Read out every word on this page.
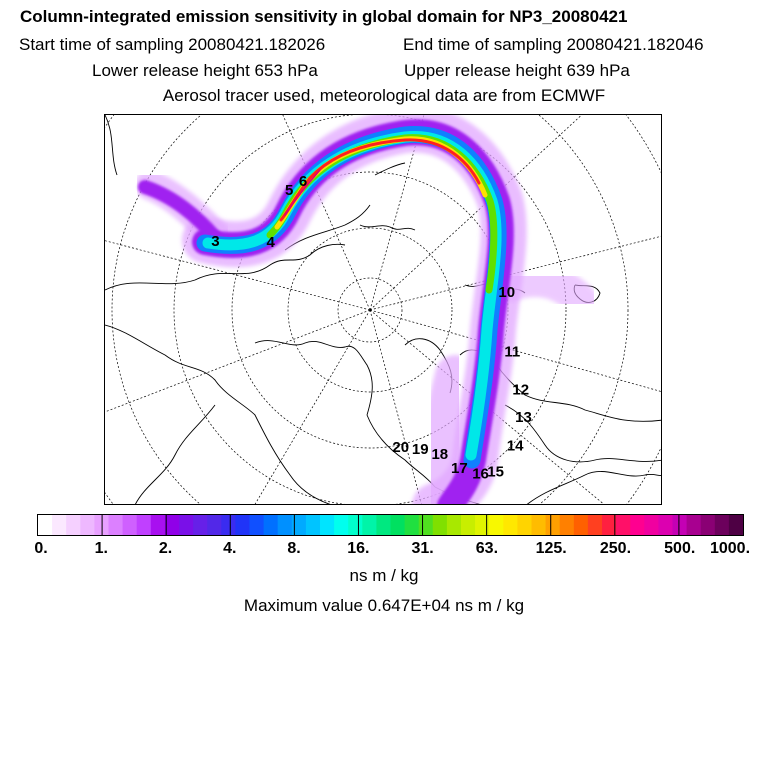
Column-integrated emission sensitivity in global domain for NP3_20080421
Start time of sampling 20080421.182026	End time of sampling 20080421.182046
Lower release height 653 hPa	Upper release height 639 hPa
Aerosol tracer used, meteorological data are from ECMWF
3	4
5
6
10
11
12
13
14
15
16
17
18
19
20
0.	1.	2.	4.	8.	16.	31.	63. 125. 250. 500. 1000.
ns m / kg
Maximum value 0.647E+04 ns m / kg
